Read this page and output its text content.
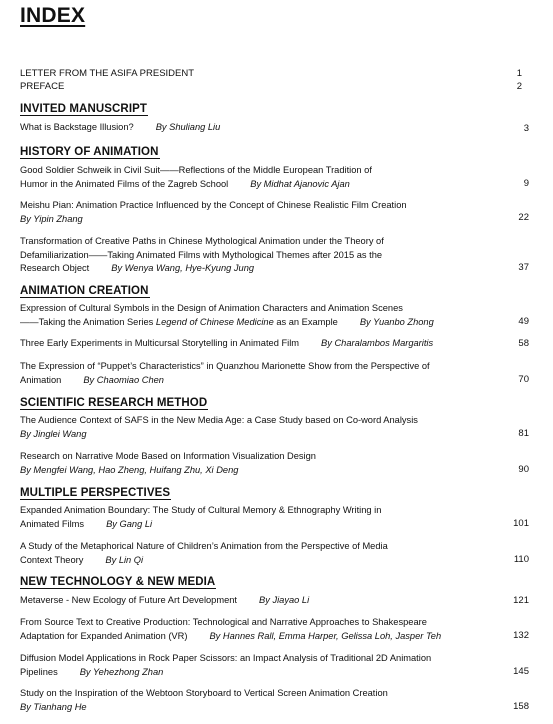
INDEX
LETTER FROM THE ASIFA PRESIDENT	1
PREFACE	2
INVITED MANUSCRIPT
What is Backstage Illusion? By Shuliang Liu	3
HISTORY OF ANIMATION
Good Soldier Schweik in Civil Suit——Reflections of the Middle European Tradition of
Humor in the Animated Films of the Zagreb School By Midhat Ajanovic Ajan	9
Meishu Pian: Animation Practice Influenced by the Concept of Chinese Realistic Film Creation
By Yipin Zhang	22
Transformation of Creative Paths in Chinese Mythological Animation under the Theory of
Defamiliarization——Taking Animated Films with Mythological Themes after 2015 as the
Research Object By Wenya Wang, Hye-Kyung Jung	37
ANIMATION CREATION
Expression of Cultural Symbols in the Design of Animation Characters and Animation Scenes
——Taking the Animation Series Legend of Chinese Medicine as an Example By Yuanbo Zhong	49
Three Early Experiments in Multicursal Storytelling in Animated Film By Charalambos Margaritis	58
The Expression of “Puppet’s Characteristics” in Quanzhou Marionette Show from the Perspective of
Animation By Chaomiao Chen	70
SCIENTIFIC RESEARCH METHOD
The Audience Context of SAFS in the New Media Age: a Case Study based on Co-word Analysis
By Jinglei Wang	81
Research on Narrative Mode Based on Information Visualization Design
By Mengfei Wang, Hao Zheng, Huifang Zhu, Xi Deng	90
MULTIPLE PERSPECTIVES
Expanded Animation Boundary: The Study of Cultural Memory & Ethnography Writing in
Animated Films By Gang Li	101
A Study of the Metaphorical Nature of Children’s Animation from the Perspective of Media
Context Theory By Lin Qi	110
NEW TECHNOLOGY & NEW MEDIA
Metaverse - New Ecology of Future Art Development By Jiayao Li	121
From Source Text to Creative Production: Technological and Narrative Approaches to Shakespeare
Adaptation for Expanded Animation (VR) By Hannes Rall, Emma Harper, Gelissa Loh, Jasper Teh	132
Diffusion Model Applications in Rock Paper Scissors: an Impact Analysis of Traditional 2D Animation
Pipelines By Yehezhong Zhan	145
Study on the Inspiration of the Webtoon Storyboard to Vertical Screen Animation Creation
By Tianhang He	158
